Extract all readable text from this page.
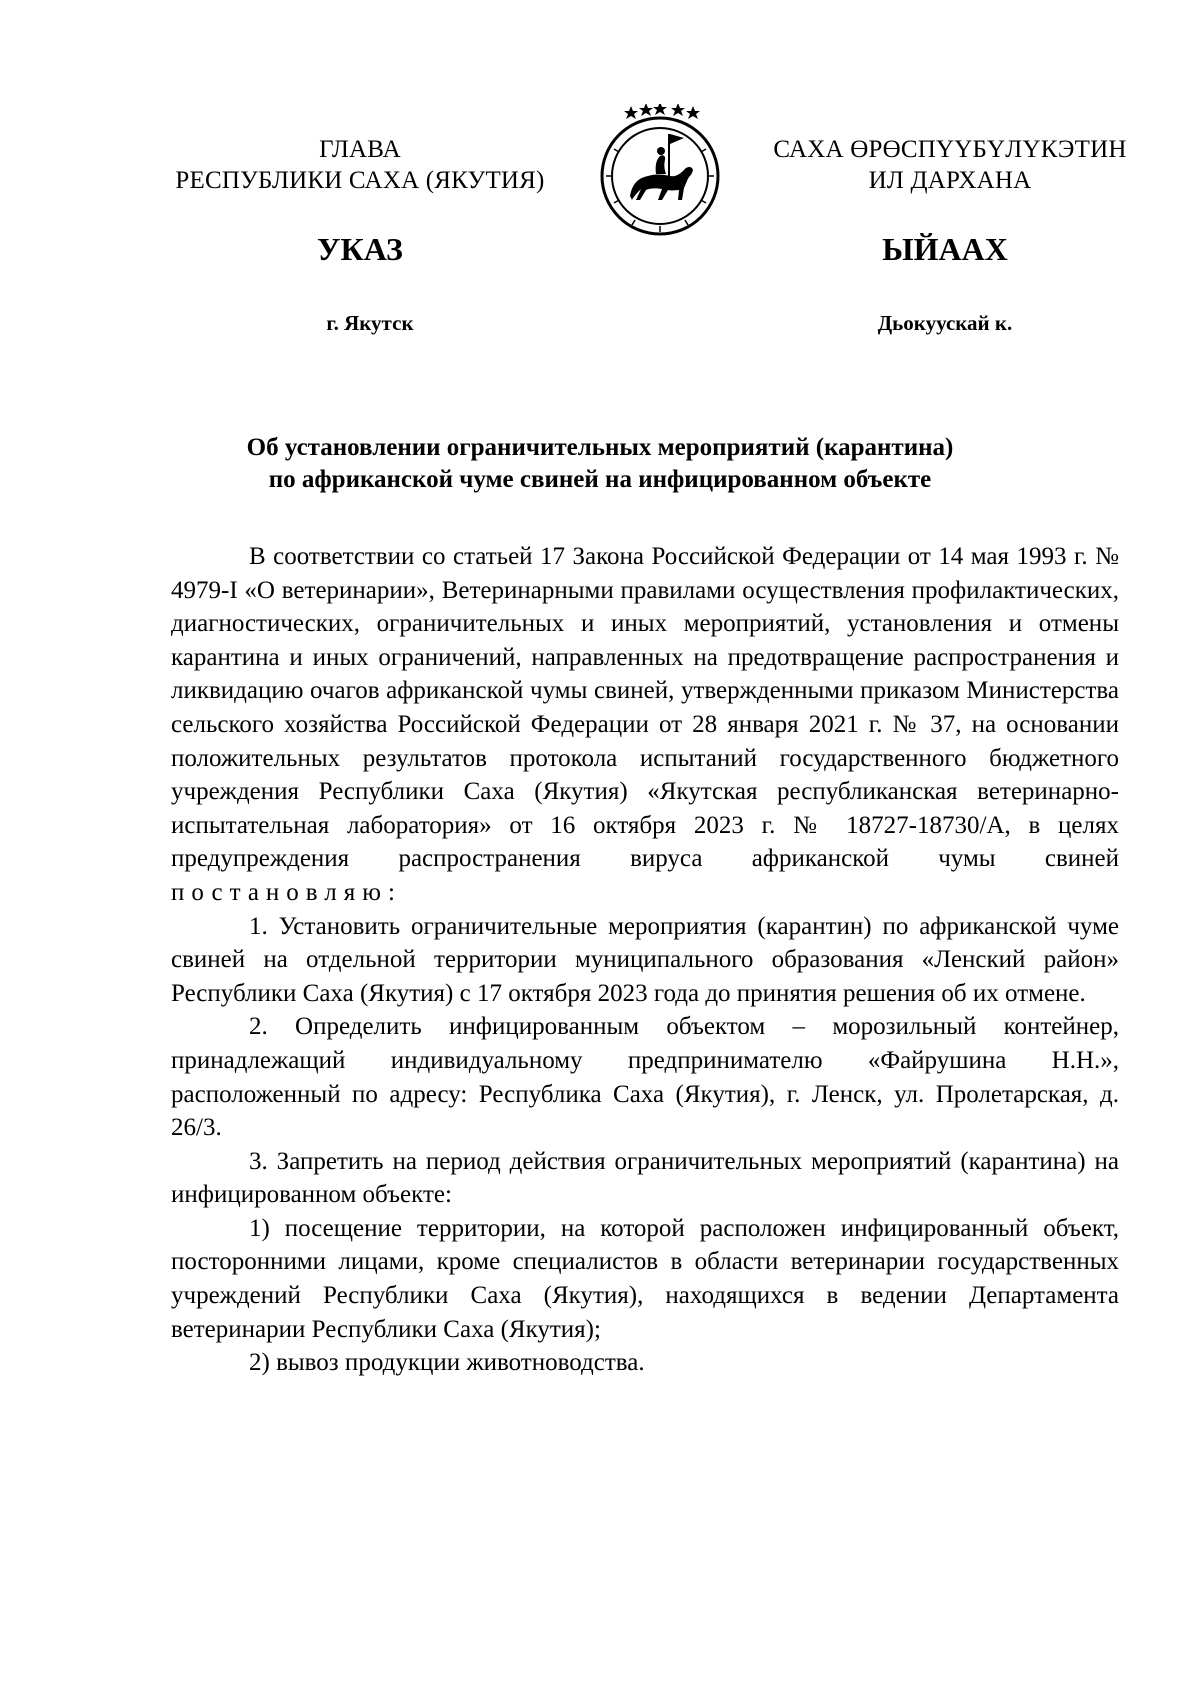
ГЛАВА
РЕСПУБЛИКИ САХА (ЯКУТИЯ)
САХА ӨРӨСПҮҮБҮЛҮКЭТИН
ИЛ ДАРХАНА
УКАЗ	ЫЙААХ
г. Якутск	Дьокуускай к.
Об установлении ограничительных мероприятий (карантина)
по африканской чуме свиней на инфицированном объекте

В соответствии со статьей 17 Закона Российской Федерации от 14 мая 1993 г. № 4979-I «О ветеринарии», Ветеринарными правилами осуществления профилактических, диагностических, ограничительных и иных мероприятий, установления и отмены карантина и иных ограничений, направленных на предотвращение распространения и ликвидацию очагов африканской чумы свиней, утвержденными приказом Министерства сельского хозяйства Российской Федерации от 28 января 2021 г. № 37, на основании положительных результатов протокола испытаний государственного бюджетного учреждения Республики Саха (Якутия) «Якутская республиканская ветеринарно-испытательная лаборатория» от 16 октября 2023 г. № 18727-18730/А, в целях предупреждения распространения вируса африканской чумы свиней постановляю:

1. Установить ограничительные мероприятия (карантин) по африканской чуме свиней на отдельной территории муниципального образования «Ленский район» Республики Саха (Якутия) с 17 октября 2023 года до принятия решения об их отмене.

2. Определить инфицированным объектом – морозильный контейнер, принадлежащий индивидуальному предпринимателю «Файрушина Н.Н.», расположенный по адресу: Республика Саха (Якутия), г. Ленск, ул. Пролетарская, д. 26/3.

3. Запретить на период действия ограничительных мероприятий (карантина) на инфицированном объекте:

1) посещение территории, на которой расположен инфицированный объект, посторонними лицами, кроме специалистов в области ветеринарии государственных учреждений Республики Саха (Якутия), находящихся в ведении Департамента ветеринарии Республики Саха (Якутия);

2) вывоз продукции животноводства.
